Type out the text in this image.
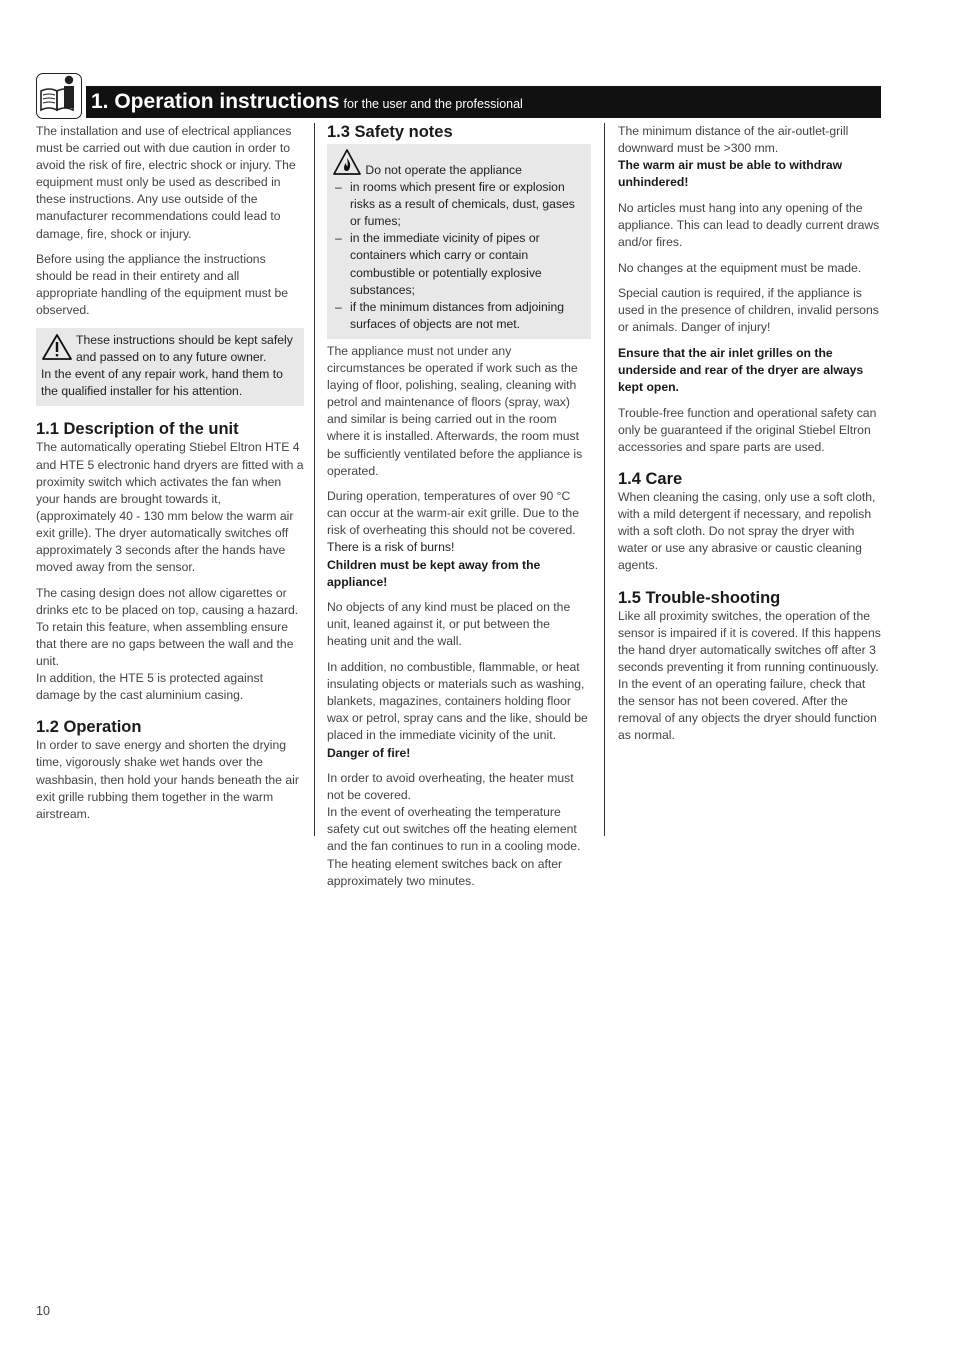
1. Operation instructions for the user and the professional

The installation and use of electrical appliances must be carried out with due caution in order to avoid the risk of fire, electric shock or injury. The equipment must only be used as described in these instructions. Any use outside of the manufacturer recommendations could lead to damage, fire, shock or injury.

Before using the appliance the instructions should be read in their entirety and all appropriate handling of the equipment must be observed.

These instructions should be kept safely and passed on to any future owner.
In the event of any repair work, hand them to the qualified installer for his attention.
1.1 Description of the unit

The automatically operating Stiebel Eltron HTE 4 and HTE 5 electronic hand dryers are fitted with a proximity switch which activates the fan when your hands are brought towards it, (approximately 40 - 130 mm below the warm air exit grille). The dryer automatically switches off approximately 3 seconds after the hands have moved away from the sensor.

The casing design does not allow cigarettes or drinks etc to be placed on top, causing a hazard. To retain this feature, when assembling ensure that there are no gaps between the wall and the unit.

In addition, the HTE 5 is protected against damage by the cast aluminium casing.

1.2 Operation

In order to save energy and shorten the drying time, vigorously shake wet hands over the washbasin, then hold your hands beneath the air exit grille rubbing them together in the warm airstream.

1.3 Safety notes
Do not operate the appliance
– in rooms which present fire or explosion risks as a result of chemicals, dust, gases or fumes;
– in the immediate vicinity of pipes or containers which carry or contain combustible or potentially explosive substances;
– if the minimum distances from adjoining surfaces of objects are not met.

The appliance must not under any circumstances be operated if work such as the laying of floor, polishing, sealing, cleaning with petrol and maintenance of floors (spray, wax) and similar is being carried out in the room where it is installed. Afterwards, the room must be sufficiently ventilated before the appliance is operated.

During operation, temperatures of over 90 °C can occur at the warm-air exit grille. Due to the risk of overheating this should not be covered. There is a risk of burns!

Children must be kept away from the appliance!

No objects of any kind must be placed on the unit, leaned against it, or put between the heating unit and the wall.

In addition, no combustible, flammable, or heat insulating objects or materials such as washing, blankets, magazines, containers holding floor wax or petrol, spray cans and the like, should be placed in the immediate vicinity of the unit.

Danger of fire!

In order to avoid overheating, the heater must not be covered.

In the event of overheating the temperature safety cut out switches off the heating element and the fan continues to run in a cooling mode. The heating element switches back on after approximately two minutes.

The minimum distance of the air-outlet-grill downward must be >300 mm.

The warm air must be able to withdraw unhindered!

No articles must hang into any opening of the appliance. This can lead to deadly current draws and/or fires.

No changes at the equipment must be made.

Special caution is required, if the appliance is used in the presence of children, invalid persons or animals. Danger of injury!

Ensure that the air inlet grilles on the underside and rear of the dryer are always kept open.

Trouble-free function and operational safety can only be guaranteed if the original Stiebel Eltron accessories and spare parts are used.

1.4 Care

When cleaning the casing, only use a soft cloth, with a mild detergent if necessary, and repolish with a soft cloth. Do not spray the dryer with water or use any abrasive or caustic cleaning agents.

1.5 Trouble-shooting

Like all proximity switches, the operation of the sensor is impaired if it is covered. If this happens the hand dryer automatically switches off after 3 seconds preventing it from running continuously. In the event of an operating failure, check that the sensor has not been covered. After the removal of any objects the dryer should function as normal.

10
